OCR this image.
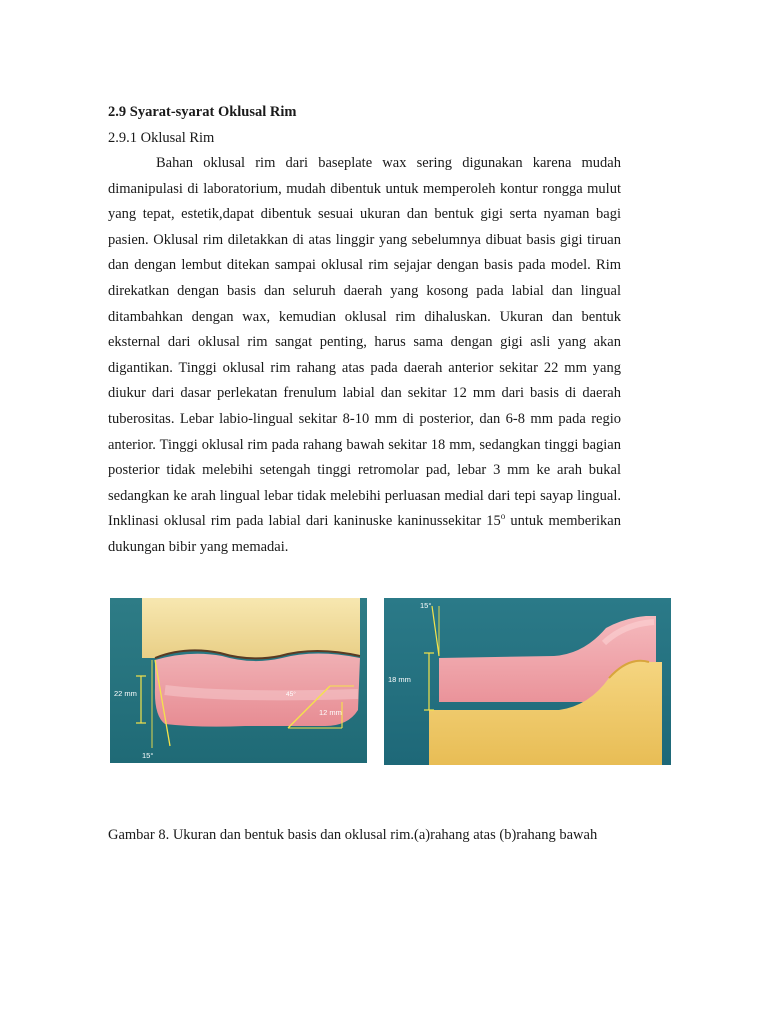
2.9 Syarat-syarat Oklusal Rim
2.9.1 Oklusal Rim

Bahan oklusal rim dari baseplate wax sering digunakan karena mudah dimanipulasi di laboratorium, mudah dibentuk untuk memperoleh kontur rongga mulut yang tepat, estetik,dapat dibentuk sesuai ukuran dan bentuk gigi serta nyaman bagi pasien. Oklusal rim diletakkan di atas linggir yang sebelumnya dibuat basis gigi tiruan dan dengan lembut ditekan sampai oklusal rim sejajar dengan basis pada model. Rim direkatkan dengan basis dan seluruh daerah yang kosong pada labial dan lingual ditambahkan dengan wax, kemudian oklusal rim dihaluskan. Ukuran dan bentuk eksternal dari oklusal rim sangat penting, harus sama dengan gigi asli yang akan digantikan. Tinggi oklusal rim rahang atas pada daerah anterior sekitar 22 mm yang diukur dari dasar perlekatan frenulum labial dan sekitar 12 mm dari basis di daerah tuberositas. Lebar labio-lingual sekitar 8-10 mm di posterior, dan 6-8 mm pada regio anterior. Tinggi oklusal rim pada rahang bawah sekitar 18 mm, sedangkan tinggi bagian posterior tidak melebihi setengah tinggi retromolar pad, lebar 3 mm ke arah bukal sedangkan ke arah lingual lebar tidak melebihi perluasan medial dari tepi sayap lingual. Inklinasi oklusal rim pada labial dari kaninuske kaninussekitar 15$^o$ untuk memberikan dukungan bibir yang memadai.

22 mm
12 mm
15°
45°
15°
18 mm

Gambar 8. Ukuran dan bentuk basis dan oklusal rim.(a)rahang atas (b)rahang bawah
